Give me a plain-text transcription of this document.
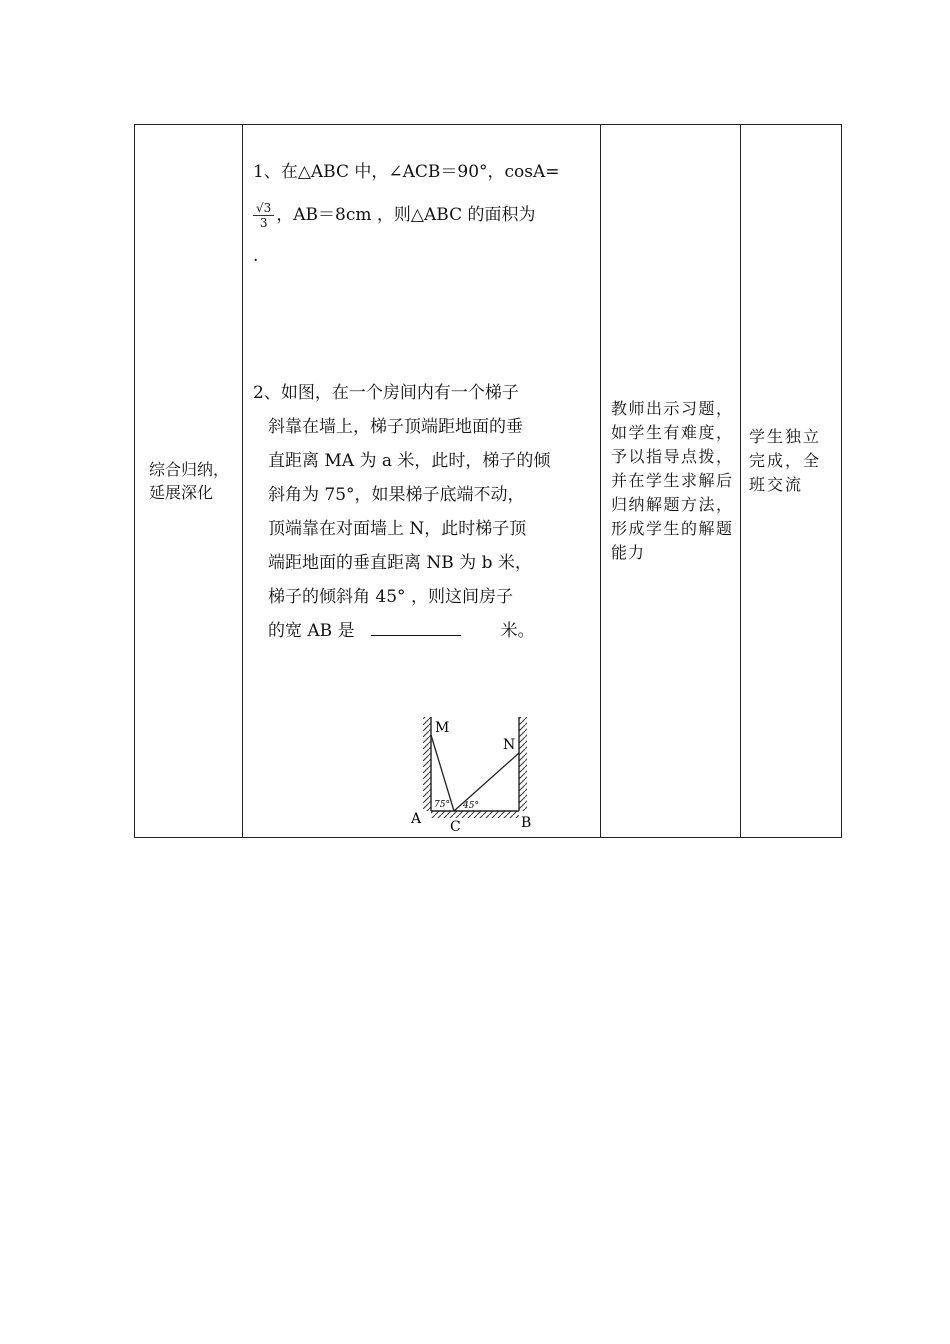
综合归纳，延展深化
1、在△ABC 中，∠ACB＝90°，cosA=
$\frac{√3}{3}$ ，AB＝8cm ，则△ABC 的面积为
.
2、如图，在一个房间内有一个梯子
斜靠在墙上，梯子顶端距地面的垂
直距离 MA 为 a 米，此时，梯子的倾
斜角为 75°，如果梯子底端不动，
顶端靠在对面墙上 N，此时梯子顶
端距地面的垂直距离 NB 为 b 米，
梯子的倾斜角 45° ，则这间房子
的宽 AB 是	米。
M
N
A C	B
75° 45°
教师出示习题，如学生有难度，予以指导点拨，并在学生求解后归纳解题方法，形成学生的解题能力
学生独立完成，全班交流
